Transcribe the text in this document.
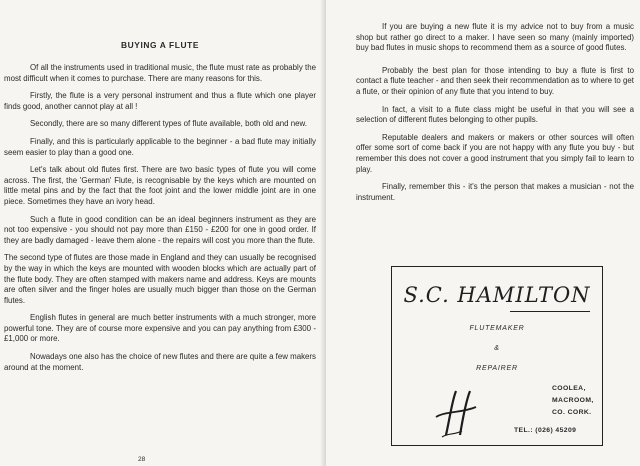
BUYING A FLUTE

Of all the instruments used in traditional music, the flute must rate as probably the most difficult when it comes to purchase. There are many reasons for this.

Firstly, the flute is a very personal instrument and thus a flute which one player finds good, another cannot play at all !

Secondly, there are so many different types of flute available, both old and new.

Finally, and this is particularly applicable to the beginner - a bad flute may initially seem easier to play than a good one.

Let's talk about old flutes first. There are two basic types of flute you will come across. The first, the 'German' Flute, is recognisable by the keys which are mounted on little metal pins and by the fact that the foot joint and the lower middle joint are in one piece. Sometimes they have an ivory head.

Such a flute in good condition can be an ideal beginners instrument as they are not too expensive - you should not pay more than £150 - £200 for one in good order. If they are badly damaged - leave them alone - the repairs will cost you more than the flute.

The second type of flutes are those made in England and they can usually be recognised by the way in which the keys are mounted with wooden blocks which are actually part of the flute body. They are often stamped with makers name and address. Keys are mounts are often silver and the finger holes are usually much bigger than those on the German flutes.

English flutes in general are much better instruments with a much stronger, more powerful tone. They are of course more expensive and you can pay anything from £300 - £1,000 or more.

Nowadays one also has the choice of new flutes and there are quite a few makers around at the moment.

28

If you are buying a new flute it is my advice not to buy from a music shop but rather go direct to a maker. I have seen so many (mainly imported) buy bad flutes in music shops to recommend them as a source of good flutes.

Probably the best plan for those intending to buy a flute is first to contact a flute teacher - and then seek their recommendation as to where to get a flute, or their opinion of any flute that you intend to buy.

In fact, a visit to a flute class might be useful in that you will see a selection of different flutes belonging to other pupils.

Reputable dealers and makers or makers or other sources will often offer some sort of come back if you are not happy with any flute you buy - but remember this does not cover a good instrument that you simply fail to learn to play.

Finally, remember this - it's the person that makes a musician - not the instrument.

S.C. HAMILTON
FLUTEMAKER
&
REPAIRER
COOLEA,
MACROOM,
CO. CORK.
TEL.: (026) 45209
